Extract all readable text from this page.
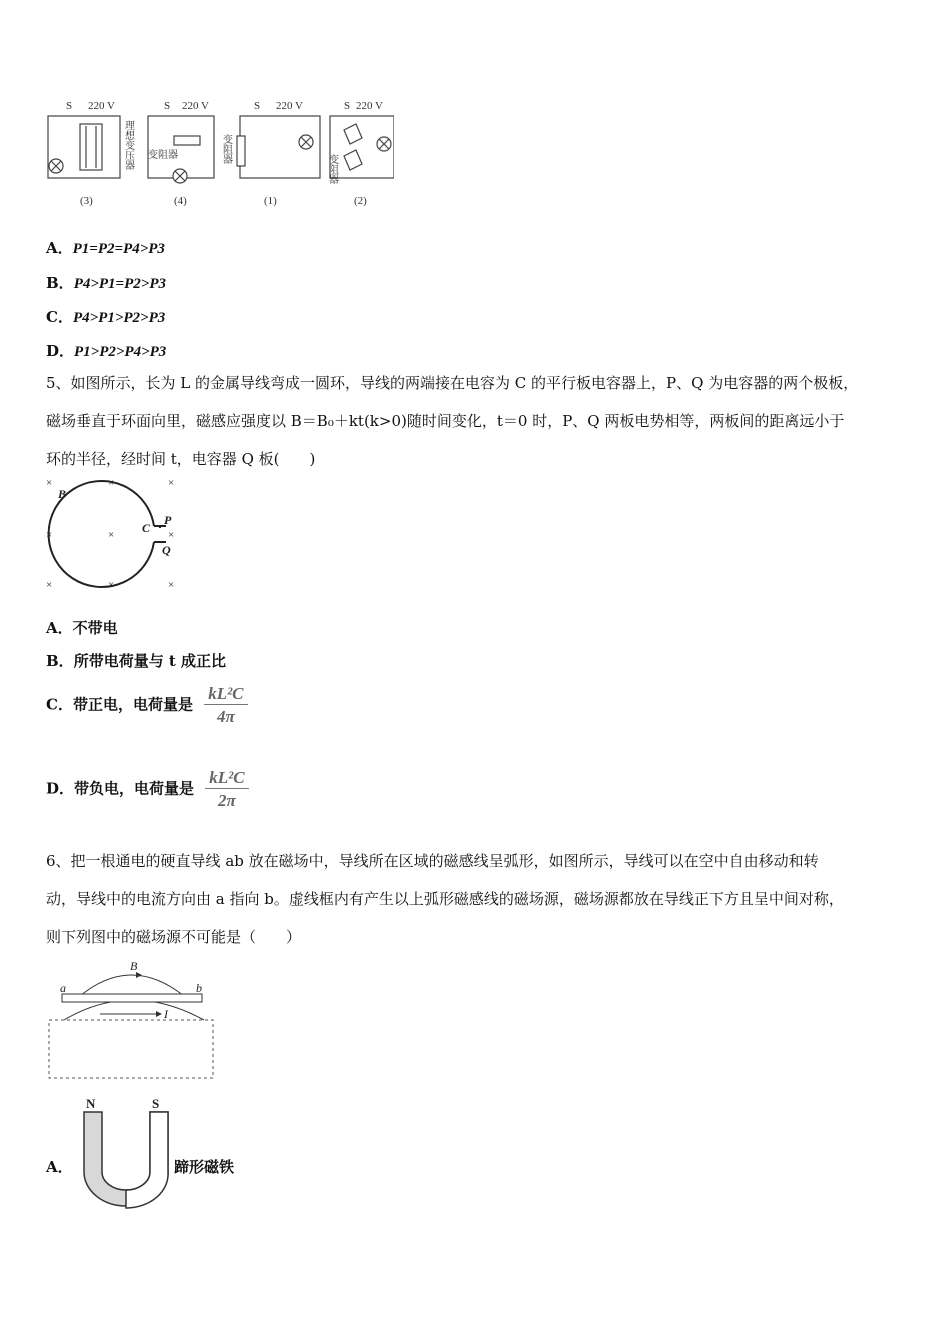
S 220 V	S 220 V	S 220 V	S 220 V
变阻器
(3)	(4)	(1)	(2)
理想变压器	变阻器
变阻器
A．P1=P2=P4>P3
B．P4>P1=P2>P3
C．P4>P1>P2>P3
D．P1>P2>P4>P3
5、如图所示，长为 L 的金属导线弯成一圆环，导线的两端接在电容为 C 的平行板电容器上，P、Q 为电容器的两个极板，
磁场垂直于环面向里，磁感应强度以 B＝B₀＋kt(k>0)随时间变化，t＝0 时，P、Q 两板电势相等，两板间的距离远小于
环的半径，经时间 t，电容器 Q 板(　　)
×	×	×
×	×	×
×	×	×
B
C
P
Q
A．不带电
B．所带电荷量与 t 成正比
C．带正电，电荷量是 $\frac{\text{kL²C}}{4\pi}$
D．带负电，电荷量是 $\frac{\text{kL²C}}{2\pi}$
6、把一根通电的硬直导线 ab 放在磁场中，导线所在区域的磁感线呈弧形，如图所示，导线可以在空中自由移动和转
动，导线中的电流方向由 a 指向 b。虚线框内有产生以上弧形磁感线的磁场源，磁场源都放在导线正下方且呈中间对称，
则下列图中的磁场源不可能是（　　）
a	b
B
I
A．
N	S
蹄形磁铁
